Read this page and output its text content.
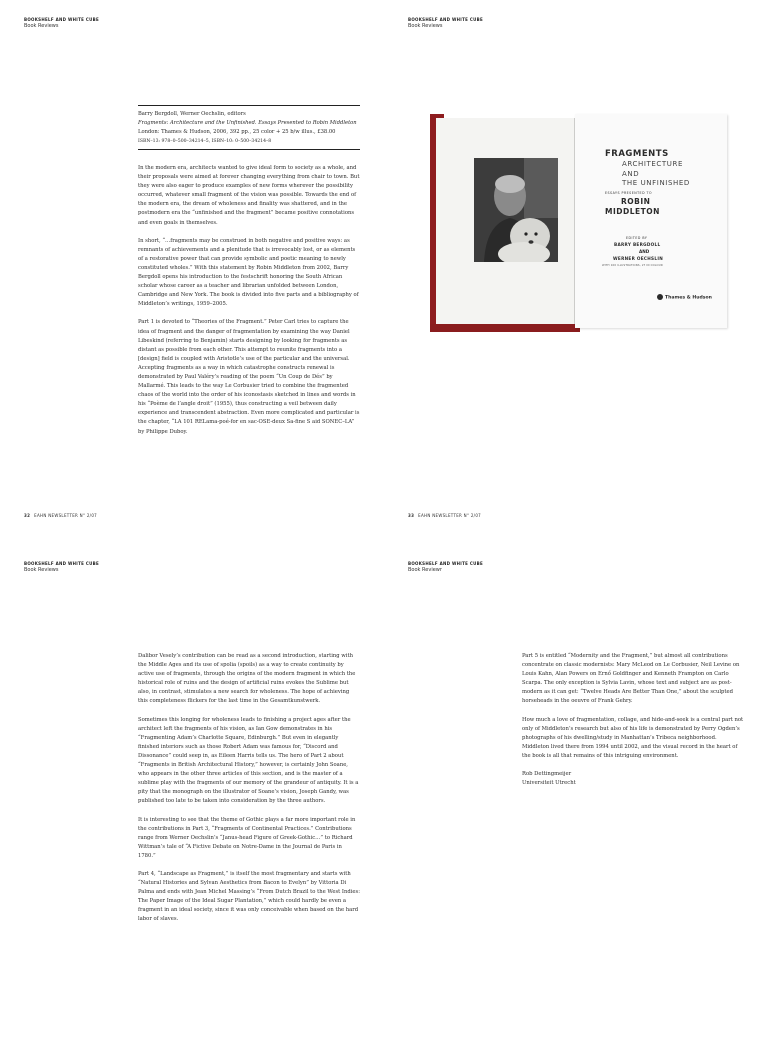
BOOKSHELF AND WHITE CUBE
Book Reviews
Barry Bergdoll, Werner Oechslin, editors
Fragments: Architecture and the Unfinished. Essays Presented to Robin Middleton
London: Thames & Hudson, 2006, 392 pp., 25 color + 25 b/w illus., £38.00
ISBN–13: 978–0–500–34214–5, ISBN–10: 0–500–34214–8

In the modern era, architects wanted to give ideal form to society as a whole, and their proposals were aimed at forever changing everything from chair to town. But they were also eager to produce examples of new forms wherever the possibility occurred, whatever small fragment of the vision was possible. Towards the end of the modern era, the dream of wholeness and finality was shattered, and in the postmodern era the “unfinished and the fragment” became positive connotations and even goals in themselves.

In short, “…fragments may be construed in both negative and positive ways: as remnants of achievements and a plenitude that is irrevocably lost, or as elements of a restorative power that can provide symbolic and poetic meaning to newly constituted wholes.” With this statement by Robin Middleton from 2002, Barry Bergdoll opens his introduction to the festschrift honoring the South African scholar whose career as a teacher and librarian unfolded between London, Cambridge and New York. The book is divided into five parts and a bibliography of Middleton’s writings, 1959–2005.

Part 1 is devoted to “Theories of the Fragment.” Peter Carl tries to capture the idea of fragment and the danger of fragmentation by examining the way Daniel Libeskind (referring to Benjamin) starts designing by looking for fragments as distant as possible from each other. This attempt to reunite fragments into a [design] field is coupled with Aristotle’s use of the particular and the universal. Accepting fragments as a way in which catastrophe constructs renewal is demonstrated by Paul Valéry’s reading of the poem “Un Coup de Dés” by Mallarmé. This leads to the way Le Corbusier tried to combine the fragmented chaos of the world into the order of his iconostasis sketched in lines and words in his “Poème de l’angle droit” (1955), thus constructing a veil between daily experience and transcendent abstraction. Even more complicated and particular is the chapter, “LA 101 RELama-poé-for en sac-OSE-deux Sa-fine S aid SONEC–LA” by Philippe Duboy.

32 EAHN NEWSLETTER N° 2/07
BOOKSHELF AND WHITE CUBE
Book Reviews
33 EAHN NEWSLETTER N° 2/07
FRAGMENTS
ARCHITECTURE
AND
THE UNFINISHED
ESSAYS PRESENTED TO
ROBIN
MIDDLETON
EDITED BY
BARRY BERGDOLL
AND
WERNER OECHSLIN
WITH 100 ILLUSTRATIONS, 27 IN COLOUR
Thames & Hudson
BOOKSHELF AND WHITE CUBE
Book Reviews

Dalibor Vesely’s contribution can be read as a second introduction, starting with the Middle Ages and its use of spolia (spoils) as a way to create continuity by active use of fragments, through the origins of the modern fragment in which the historical role of ruins and the design of artificial ruins evokes the Sublime but also, in contrast, stimulates a new search for wholeness. The hope of achieving this completeness flickers for the last time in the Gesamtkunstwerk.

Sometimes this longing for wholeness leads to finishing a project ages after the architect left the fragments of his vision, as Ian Gow demonstrates in his “Fragmenting Adam’s Charlotte Square, Edinburgh.” But even in elegantly finished interiors such as those Robert Adam was famous for, “Discord and Dissonance” could seep in, as Eileen Harris tells us. The hero of Part 2 about “Fragments in British Architectural History,” however, is certainly John Soane, who appears in the other three articles of this section, and is the master of a sublime play with the fragments of our memory of the grandeur of antiquity. It is a pity that the monograph on the illustrator of Soane’s vision, Joseph Gandy, was published too late to be taken into consideration by the three authors.

It is interesting to see that the theme of Gothic plays a far more important role in the contributions in Part 3, “Fragments of Continental Practices.” Contributions range from Werner Oechslin’s “Janus-head Figure of Greek-Gothic…” to Richard Wittman’s tale of “A Fictive Debate on Notre-Dame in the Journal de Paris in 1780.”

Part 4, “Landscape as Fragment,” is itself the most fragmentary and starts with “Natural Histories and Sylvan Aesthetics from Bacon to Evelyn” by Vittoria Di Palma and ends with Jean Michel Massing’s “From Dutch Brazil to the West Indies: The Paper Image of the Ideal Sugar Plantation,” which could hardly be even a fragment in an ideal society, since it was only conceivable when based on the hard labor of slaves.

BOOKSHELF AND WHITE CUBE
Book Reviewr

Part 5 is entitled “Modernity and the Fragment,” but almost all contributions concentrate on classic modernists: Mary McLeod on Le Corbusier, Neil Levine on Louis Kahn, Alan Powers on Ernő Goldfinger and Kenneth Frampton on Carlo Scarpa. The only exception is Sylvia Lavin, whose text and subject are as post-modern as it can get: “Twelve Heads Are Better Than One,” about the sculpted horseheads in the oeuvre of Frank Gehry.

How much a love of fragmentation, collage, and hide-and-seek is a central part not only of Middleton’s research but also of his life is demonstrated by Perry Ogden’s photographs of his dwelling/study in Manhattan’s Tribeca neighborhood. Middleton lived there from 1994 until 2002, and the visual record in the heart of the book is all that remains of this intriguing environment.

Rob Dettingmeijer
Universiteit Utrecht
